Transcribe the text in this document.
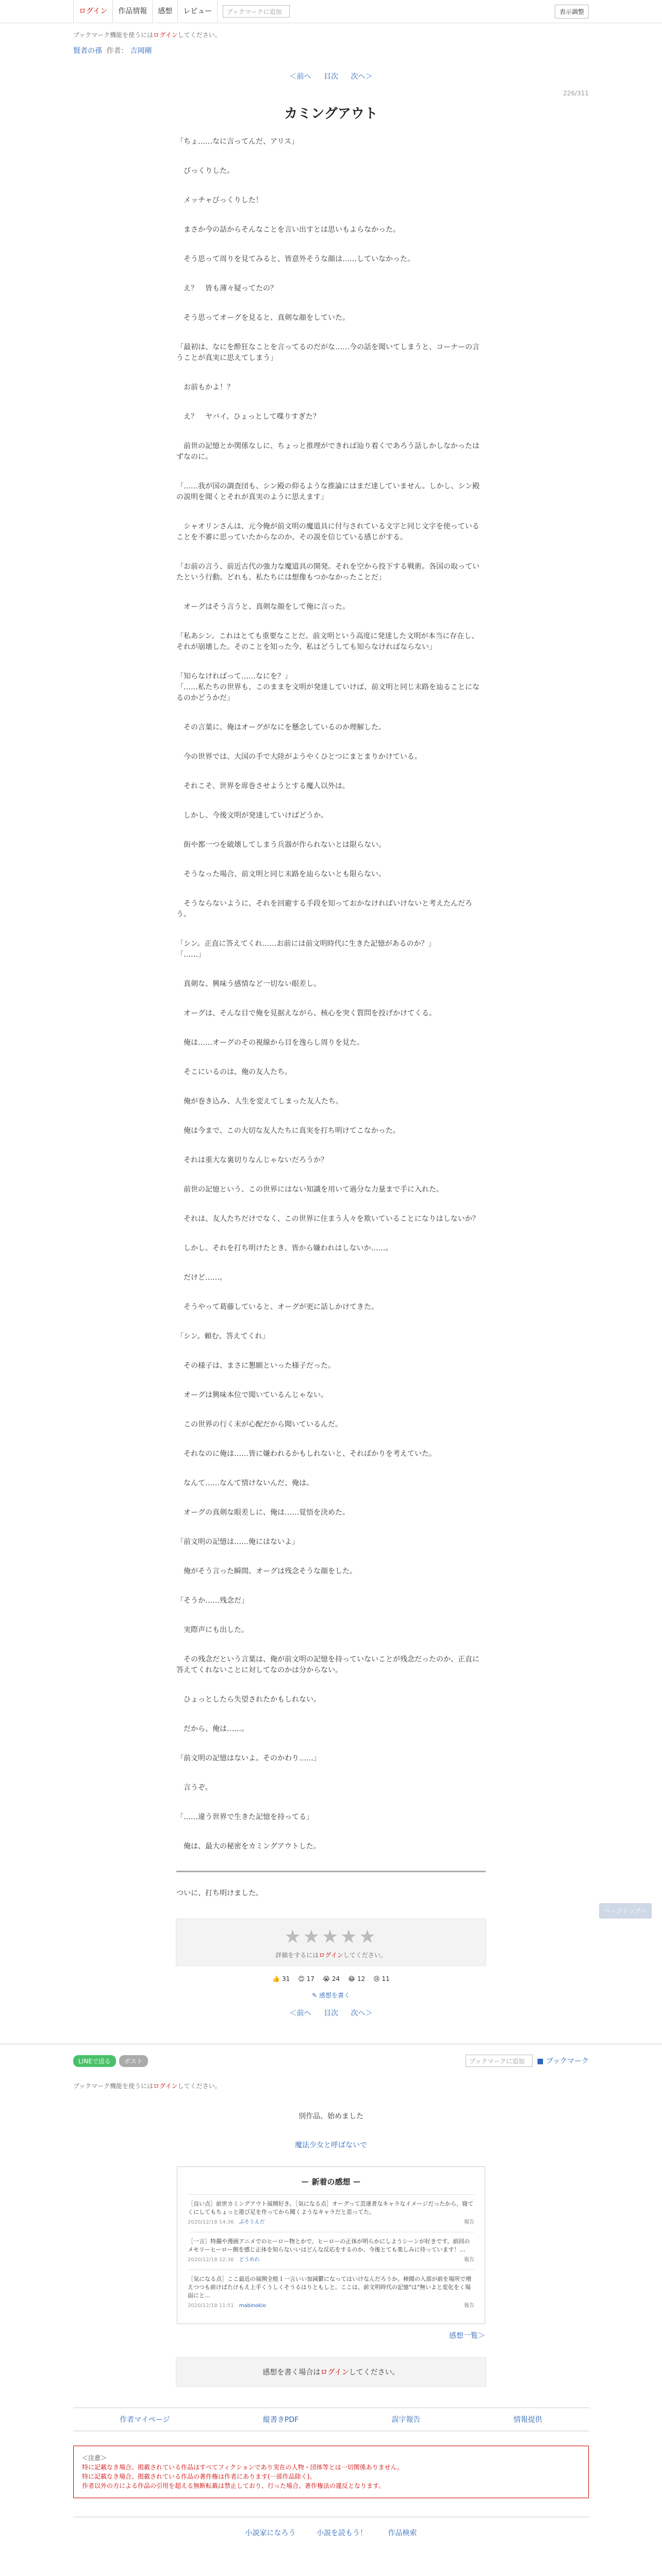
ログイン	作品情報	感想	レビュー	ブックマークに追加	表示調整
ブックマーク機能を使うにはログインしてください。
賢者の孫 作者： 吉岡剛
＜前へ 目次 次へ＞
226/311
カミングアウト
「ちょ……なに言ってんだ、アリス」
　びっくりした。
　メッチャびっくりした！
　まさか今の話からそんなことを言い出すとは思いもよらなかった。
　そう思って周りを見てみると、皆意外そうな顔は……していなかった。
　え？　皆も薄々疑ってたの？
　そう思ってオーグを見ると、真剣な顔をしていた。
「最初は、なにを酔狂なことを言ってるのだがな……今の話を聞いてしまうと、コーナーの言うことが真実に思えてしまう」
　お前もかよ！？
　え？　ヤバイ、ひょっとして喋りすぎた？
　前世の記憶とか関係なしに、ちょっと推理ができれば辿り着くであろう話しかしなかったはずなのに。
「……我が国の調査団も、シン殿の仰るような推論にはまだ達していません。しかし、シン殿の説明を聞くとそれが真実のように思えます」
　シャオリンさんは、元今俺が前文明の魔道具に付与されている文字と同じ文字を使っていることを不審に思っていたからなのか、その説を信じている感じがする。
「お前の言う、前近古代の強力な魔道具の開発。それを空から投下する戦術。各国の取っていたという行動。どれも、私たちには想像もつかなかったことだ」
　オーグはそう言うと、真剣な顔をして俺に言った。
「私あシン。これはとても重要なことだ。前文明という高度に発達した文明が本当に存在し、それが崩壊した。そのことを知った今、私はどうしても知らなければならない」
「知らなければって……なにを？」
「……私たちの世界も、このままを文明が発達していけば、前文明と同じ末路を辿ることになるのかどうかだ」
　その言葉に、俺はオーグがなにを懸念しているのか理解した。
　今の世界では、大国の手で大陸がようやくひとつにまとまりかけている。
　それこそ、世界を席巻させようとする魔人以外は。
　しかし、今後文明が発達していけばどうか。
　街や都一つを破壊してしまう兵器が作られないとは限らない。
　そうなった場合、前文明と同じ末路を辿らないとも限らない。
　そうならないように、それを回避する手段を知っておかなければいけないと考えたんだろう。
「シン。正直に答えてくれ……お前には前文明時代に生きた記憶があるのか？」
「……」
　真剣な、興味う感情など一切ない眼差し。
　オーグは、そんな目で俺を見据えながら、核心を突く質問を投げかけてくる。
　俺は……オーグのその視線から目を逸らし周りを見た。
　そこにいるのは、俺の友人たち。
　俺が巻き込み、人生を変えてしまった友人たち。
　俺は今まで、この大切な友人たちに真実を打ち明けてこなかった。
　それは重大な裏切りなんじゃないだろうか？
　前世の記憶という、この世界にはない知識を用いて過分な力量まで手に入れた。
　それは、友人たちだけでなく、この世界に住まう人々を欺いていることになりはしないか？
　しかし、それを打ち明けたとき、皆から嫌われはしないか……。
　だけど……。
　そうやって葛藤していると、オーグが更に話しかけてきた。
「シン。頼む。答えてくれ」
　その様子は、まさに懇願といった様子だった。
　オーグは興味本位で聞いているんじゃない。
　この世界の行く末が心配だから聞いているんだ。
　それなのに俺は……皆に嫌われるかもしれないと、そればかりを考えていた。
　なんて……なんて情けないんだ、俺は。
　オーグの真剣な眼差しに、俺は……覚悟を決めた。
「前文明の記憶は……俺にはないよ」
　俺がそう言った瞬間、オーグは残念そうな顔をした。
「そうか……残念だ」
　実際声にも出した。
　その残念だという言葉は、俺が前文明の記憶を持っていないことが残念だったのか、正直に答えてくれないことに対してなのかは分からない。
　ひょっとしたら失望されたかもしれない。
　だから、俺は……。
「前文明の記憶はないよ。そのかわり……」
　言うぞ。
「……違う世界で生きた記憶を持ってる」
　俺は、最大の秘密をカミングアウトした。
ページトップへ
ついに、打ち明けました。
★★★★★
評価をするにはログインしてください。
👍 31 😊 17 😭 24 😂 12 😢 11
✎ 感想を書く
＜前へ 目次 次へ＞
LINEで送る	ポスト	ブックマークに追加	■ ブックマーク
ブックマーク機能を使うにはログインしてください。
別作品、始めました
魔法少女と呼ばないで
ー 新着の感想 ー
［良い点］前世カミングアウト展開好き。［気になる点］オーグって芸達者なキャラなイメージだったから、寝てくにしてもちょっと遊び足を作ってから聞くようなキャラだと思ってた。
2020/12/18 14:36 ぶそうえだ	報告
［一言］特撮や漫画アニメでのヒーロー物とかで、ヒーローの正体が明らかにしようシーンが好きです。前回のメモリーヒーロー側を感じ正体を知らないいはどんな反応をするのか、今後とても楽しみに待っています！…
2020/12/18 12:36 どうめれ	報告
［気になる点］ここ最近の展開全般１一言いい加減鬱になってはいけなんだろうか。検閲の入部が前を場所で増えつつも前けばたけもえ上手くうしくそうるはりともしと。ここは、前文明時代の記憶"は"無いよと変化をく場面にと...
2020/12/18 11:51 mabinokio	報告
感想一覧＞
感想を書く場合はログインしてください。
作者マイページ	縦書きPDF	誤字報告	情報提供
＜注意＞
特に記載なき場合、掲載されている作品はすべてフィクションであり実在の人物・団体等とは一切関係ありません。
特に記載なき場合、掲載されている作品の著作権は作者にあります(一部作品除く)。
作者以外の方による作品の引用を超える無断転載は禁止しており、行った場合、著作権法の違反となります。
小説家になろう	小説を読もう！	作品検索
